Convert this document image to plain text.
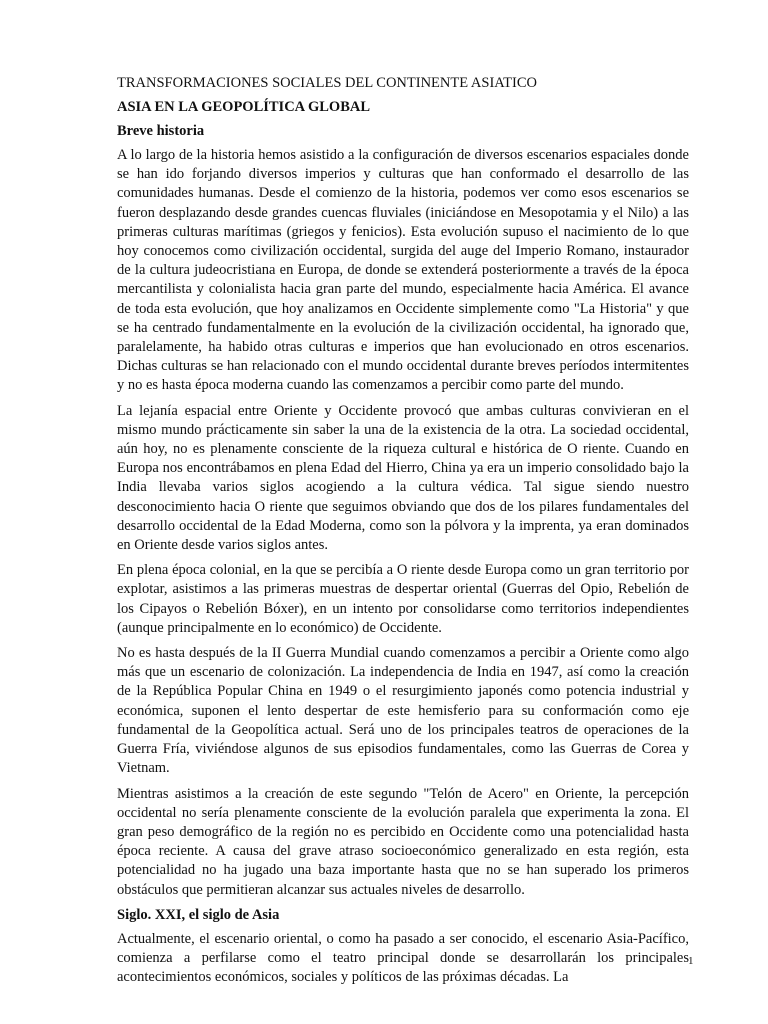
TRANSFORMACIONES SOCIALES DEL CONTINENTE ASIATICO
ASIA EN LA GEOPOLÍTICA GLOBAL
Breve historia

A lo largo de la historia hemos asistido a la configuración de diversos escenarios espaciales donde se han ido forjando diversos imperios y culturas que han conformado el desarrollo de las comunidades humanas. Desde el comienzo de la historia, podemos ver como esos escenarios se fueron desplazando desde grandes cuencas fluviales (iniciándose en Mesopotamia y el Nilo) a las primeras culturas marítimas (griegos y fenicios). Esta evolución supuso el nacimiento de lo que hoy conocemos como civilización occidental, surgida del auge del Imperio Romano, instaurador de la cultura judeocristiana en Europa, de donde se extenderá posteriormente a través de la época mercantilista y colonialista hacia gran parte del mundo, especialmente hacia América. El avance de toda esta evolución, que hoy analizamos en Occidente simplemente como "La Historia" y que se ha centrado fundamentalmente en la evolución de la civilización occidental, ha ignorado que, paralelamente, ha habido otras culturas e imperios que han evolucionado en otros escenarios. Dichas culturas se han relacionado con el mundo occidental durante breves períodos intermitentes y no es hasta época moderna cuando las comenzamos a percibir como parte del mundo.

La lejanía espacial entre Oriente y Occidente provocó que ambas culturas convivieran en el mismo mundo prácticamente sin saber la una de la existencia de la otra. La sociedad occidental, aún hoy, no es plenamente consciente de la riqueza cultural e histórica de O riente. Cuando en Europa nos encontrábamos en plena Edad del Hierro, China ya era un imperio consolidado bajo la India llevaba varios siglos acogiendo a la cultura védica. Tal sigue siendo nuestro desconocimiento hacia O riente que seguimos obviando que dos de los pilares fundamentales del desarrollo occidental de la Edad Moderna, como son la pólvora y la imprenta, ya eran dominados en Oriente desde varios siglos antes.

En plena época colonial, en la que se percibía a O riente desde Europa como un gran territorio por explotar, asistimos a las primeras muestras de despertar oriental (Guerras del Opio, Rebelión de los Cipayos o Rebelión Bóxer), en un intento por consolidarse como territorios independientes (aunque principalmente en lo económico) de Occidente.

No es hasta después de la II Guerra Mundial cuando comenzamos a percibir a Oriente como algo más que un escenario de colonización. La independencia de India en 1947, así como la creación de la República Popular China en 1949 o el resurgimiento japonés como potencia industrial y económica, suponen el lento despertar de este hemisferio para su conformación como eje fundamental de la Geopolítica actual. Será uno de los principales teatros de operaciones de la Guerra Fría, viviéndose algunos de sus episodios fundamentales, como las Guerras de Corea y Vietnam.

Mientras asistimos a la creación de este segundo "Telón de Acero" en Oriente, la percepción occidental no sería plenamente consciente de la evolución paralela que experimenta la zona. El gran peso demográfico de la región no es percibido en Occidente como una potencialidad hasta época reciente. A causa del grave atraso socioeconómico generalizado en esta región, esta potencialidad no ha jugado una baza importante hasta que no se han superado los primeros obstáculos que permitieran alcanzar sus actuales niveles de desarrollo.

Siglo. XXI, el siglo de Asia

Actualmente, el escenario oriental, o como ha pasado a ser conocido, el escenario Asia-Pacífico, comienza a perfilarse como el teatro principal donde se desarrollarán los principales acontecimientos económicos, sociales y políticos de las próximas décadas. La

1
